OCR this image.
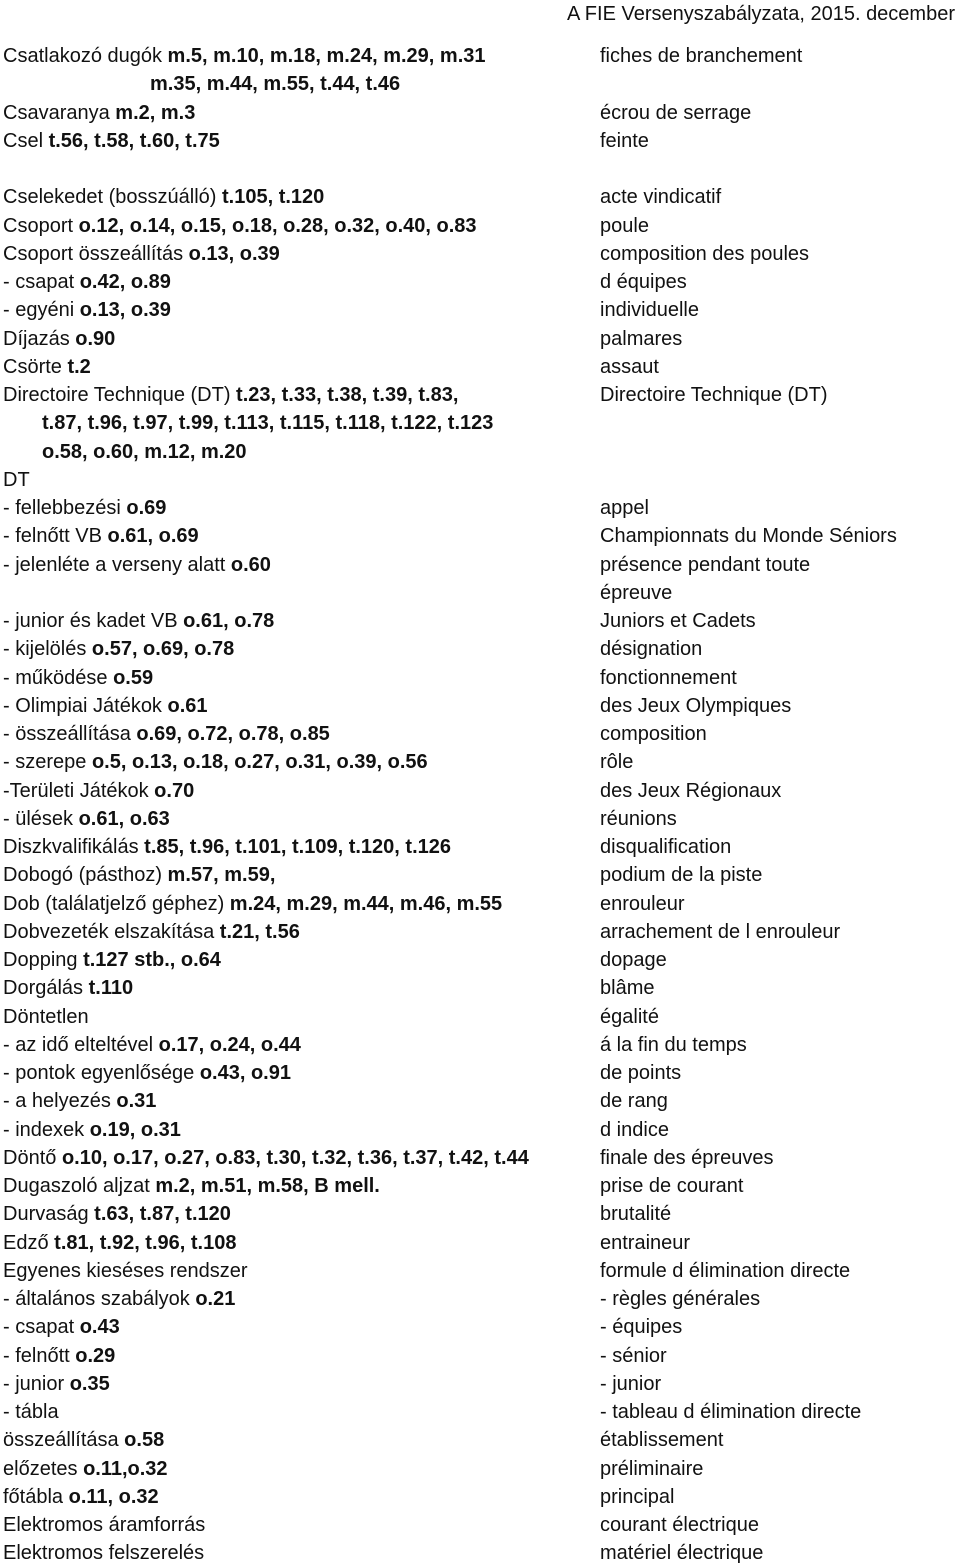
A FIE Versenyszabályzata, 2015. december
Csatlakozó dugók m.5, m.10, m.18, m.24, m.29, m.31	fiches de branchement
m.35, m.44, m.55, t.44, t.46
Csavaranya m.2, m.3	écrou de serrage
Csel t.56, t.58, t.60, t.75	feinte
Cselekedet (bosszúálló) t.105, t.120	acte vindicatif
Csoport o.12, o.14, o.15, o.18, o.28, o.32, o.40, o.83	poule
Csoport összeállítás o.13, o.39	composition des poules
- csapat o.42, o.89	d équipes
- egyéni o.13, o.39	individuelle
Díjazás o.90	palmares
Csörte t.2	assaut
Directoire Technique (DT) t.23, t.33, t.38, t.39, t.83,	Directoire Technique (DT)
t.87, t.96, t.97, t.99, t.113, t.115, t.118, t.122, t.123
o.58, o.60, m.12, m.20
DT
- fellebbezési o.69	appel
- felnőtt VB o.61, o.69	Championnats du Monde Séniors
- jelenléte a verseny alatt o.60	présence pendant toute
épreuve
- junior és kadet VB o.61, o.78	Juniors et Cadets
- kijelölés o.57, o.69, o.78	désignation
- működése o.59	fonctionnement
- Olimpiai Játékok o.61	des Jeux Olympiques
- összeállítása o.69, o.72, o.78, o.85	composition
- szerepe o.5, o.13, o.18, o.27, o.31, o.39, o.56	rôle
-Területi Játékok o.70	des Jeux Régionaux
- ülések o.61, o.63	réunions
Diszkvalifikálás t.85, t.96, t.101, t.109, t.120, t.126	disqualification
Dobogó (pásthoz) m.57, m.59,	podium de la piste
Dob (találatjelző géphez) m.24, m.29, m.44, m.46, m.55	enrouleur
Dobvezeték elszakítása t.21, t.56	arrachement de l enrouleur
Dopping t.127 stb., o.64	dopage
Dorgálás t.110	blâme
Döntetlen	égalité
- az idő elteltével o.17, o.24, o.44	á la fin du temps
- pontok egyenlősége o.43, o.91	de points
- a helyezés o.31	de rang
- indexek o.19, o.31	d indice
Döntő o.10, o.17, o.27, o.83, t.30, t.32, t.36, t.37, t.42, t.44	finale des épreuves
Dugaszoló aljzat m.2, m.51, m.58, B mell.	prise de courant
Durvaság t.63, t.87, t.120	brutalité
Edző t.81, t.92, t.96, t.108	entraineur
Egyenes kieséses rendszer	formule d élimination directe
- általános szabályok o.21	- règles générales
- csapat o.43	- équipes
- felnőtt o.29	- sénior
- junior o.35	- junior
- tábla	- tableau d élimination directe
összeállítása o.58	établissement
előzetes o.11,o.32	préliminaire
főtábla o.11, o.32	principal
Elektromos áramforrás	courant électrique
Elektromos felszerelés	matériel électrique
